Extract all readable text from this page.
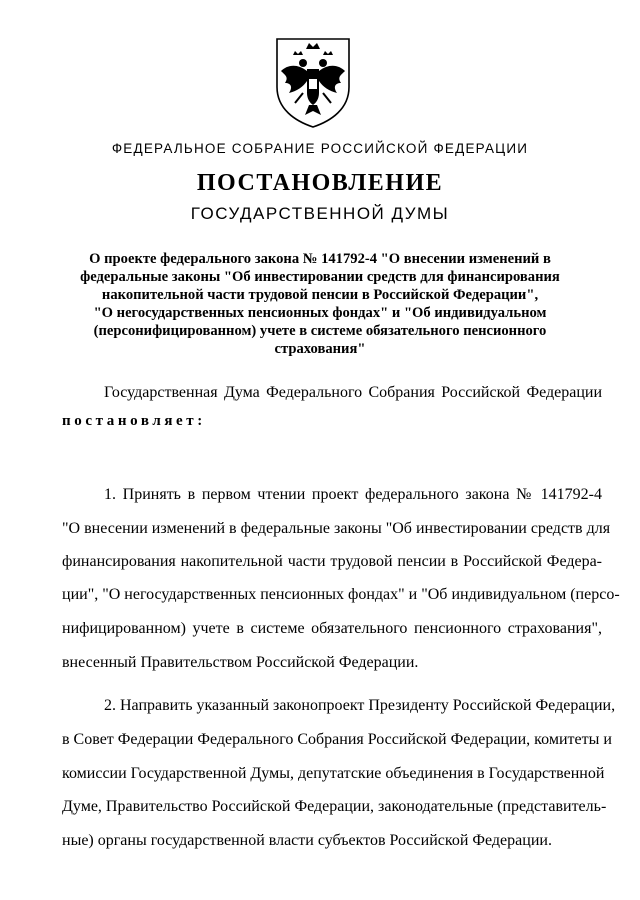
ФЕДЕРАЛЬНОЕ СОБРАНИЕ РОССИЙСКОЙ ФЕДЕРАЦИИ
ПОСТАНОВЛЕНИЕ
ГОСУДАРСТВЕННОЙ ДУМЫ
О проекте федерального закона № 141792-4 "О внесении изменений в
федеральные законы "Об инвестировании средств для финансирования
накопительной части трудовой пенсии в Российской Федерации",
"О негосударственных пенсионных фондах" и "Об индивидуальном
(персонифицированном) учете в системе обязательного пенсионного
страхования"
Государственная Дума Федерального Собрания Российской Федерации
постановляет:
1. Принять в первом чтении проект федерального закона № 141792-4
"О внесении изменений в федеральные законы "Об инвестировании средств для
финансирования накопительной части трудовой пенсии в Российской Федера-
ции", "О негосударственных пенсионных фондах" и "Об индивидуальном (персо-
нифицированном) учете в системе обязательного пенсионного страхования",
внесенный Правительством Российской Федерации.
2. Направить указанный законопроект Президенту Российской Федерации,
в Совет Федерации Федерального Собрания Российской Федерации, комитеты и
комиссии Государственной Думы, депутатские объединения в Государственной
Думе, Правительство Российской Федерации, законодательные (представитель-
ные) органы государственной власти субъектов Российской Федерации.
